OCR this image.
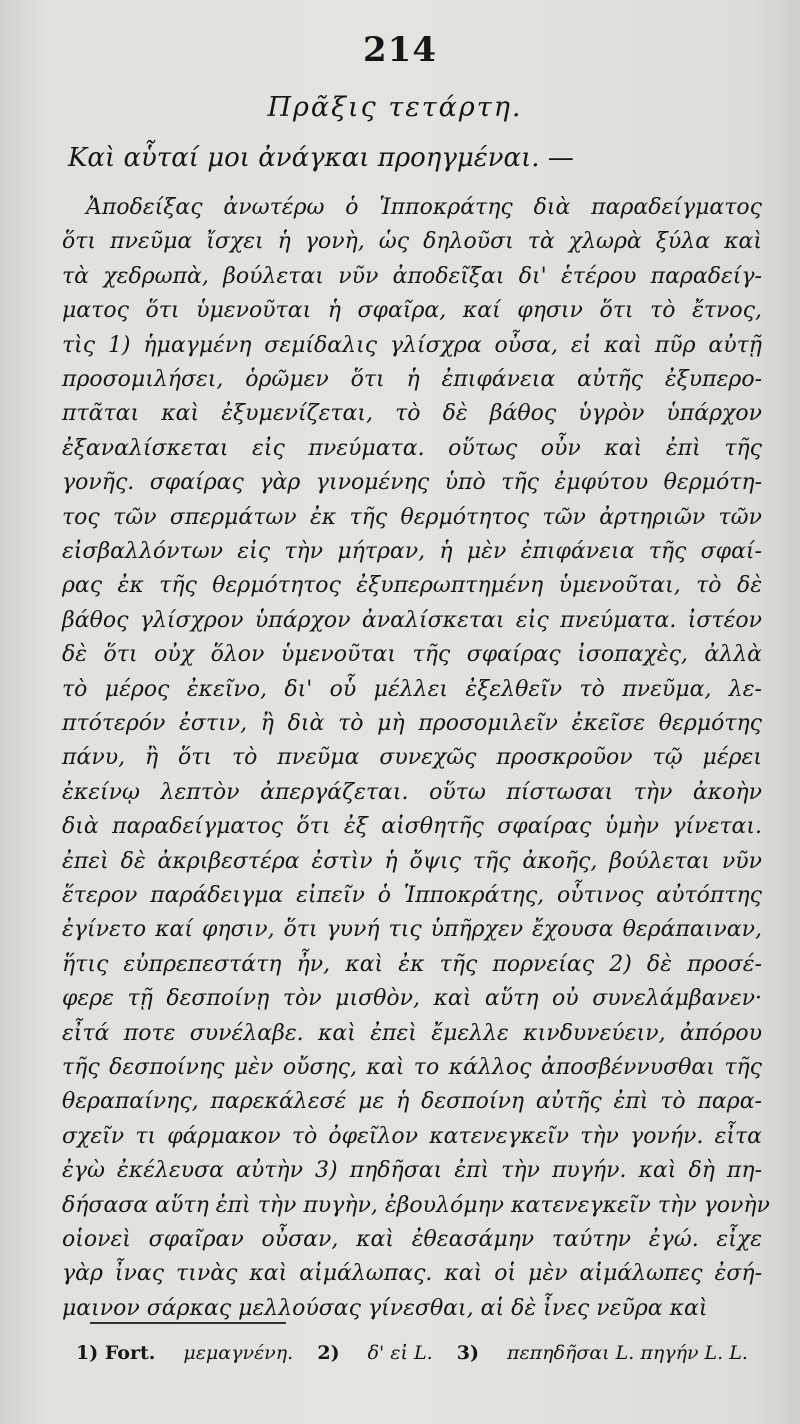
214
Πρᾶξις τετάρτη.
Καὶ αὗταί μοι ἀνάγκαι προηγμέναι. —
Ἀποδείξας ἀνωτέρω ὁ Ἱπποκράτης διὰ παραδείγματος
ὅτι πνεῦμα ἴσχει ἡ γονὴ, ὡς δηλοῦσι τὰ χλωρὰ ξύλα καὶ
τὰ χεδρωπὰ, βούλεται νῦν ἀποδεῖξαι δι' ἑτέρου παραδείγ-
ματος ὅτι ὑμενοῦται ἡ σφαῖρα, καί φησιν ὅτι τὸ ἔτνος,
τὶς 1) ἡμαγμένη σεμίδαλις γλίσχρα οὖσα, εἰ καὶ πῦρ αὐτῇ
προσομιλήσει, ὁρῶμεν ὅτι ἡ ἐπιφάνεια αὐτῆς ἐξυπερο-
πτᾶται καὶ ἐξυμενίζεται, τὸ δὲ βάθος ὑγρὸν ὑπάρχον
ἐξαναλίσκεται εἰς πνεύματα. οὕτως οὖν καὶ ἐπὶ τῆς
γονῆς. σφαίρας γὰρ γινομένης ὑπὸ τῆς ἐμφύτου θερμότη-
τος τῶν σπερμάτων ἐκ τῆς θερμότητος τῶν ἀρτηριῶν τῶν
εἰσβαλλόντων εἰς τὴν μήτραν, ἡ μὲν ἐπιφάνεια τῆς σφαί-
ρας ἐκ τῆς θερμότητος ἐξυπερωπτημένη ὑμενοῦται, τὸ δὲ
βάθος γλίσχρον ὑπάρχον ἀναλίσκεται εἰς πνεύματα. ἰστέον
δὲ ὅτι οὐχ ὅλον ὑμενοῦται τῆς σφαίρας ἰσοπαχὲς, ἀλλὰ
τὸ μέρος ἐκεῖνο, δι' οὗ μέλλει ἐξελθεῖν τὸ πνεῦμα, λε-
πτότερόν ἐστιν, ἢ διὰ τὸ μὴ προσομιλεῖν ἐκεῖσε θερμότης
πάνυ, ἢ ὅτι τὸ πνεῦμα συνεχῶς προσκροῦον τῷ μέρει
ἐκείνῳ λεπτὸν ἀπεργάζεται. οὕτω πίστωσαι τὴν ἀκοὴν
διὰ παραδείγματος ὅτι ἐξ αἰσθητῆς σφαίρας ὑμὴν γίνεται.
ἐπεὶ δὲ ἀκριβεστέρα ἐστὶν ἡ ὄψις τῆς ἀκοῆς, βούλεται νῦν
ἕτερον παράδειγμα εἰπεῖν ὁ Ἱπποκράτης, οὗτινος αὐτόπτης
ἐγίνετο καί φησιν, ὅτι γυνή τις ὑπῆρχεν ἔχουσα θεράπαιναν,
ἥτις εὐπρεπεστάτη ἦν, καὶ ἐκ τῆς πορνείας 2) δὲ προσέ-
φερε τῇ δεσποίνῃ τὸν μισθὸν, καὶ αὕτη οὐ συνελάμβανεν·
εἶτά ποτε συνέλαβε. καὶ ἐπεὶ ἔμελλε κινδυνεύειν, ἀπόρου
τῆς δεσποίνης μὲν οὔσης, καὶ το κάλλος ἀποσβέννυσθαι τῆς
θεραπαίνης, παρεκάλεσέ με ἡ δεσποίνη αὐτῆς ἐπὶ τὸ παρα-
σχεῖν τι φάρμακον τὸ ὀφεῖλον κατενεγκεῖν τὴν γονήν. εἶτα
ἐγὼ ἐκέλευσα αὐτὴν 3) πηδῆσαι ἐπὶ τὴν πυγήν. καὶ δὴ πη-
δήσασα αὕτη ἐπὶ τὴν πυγὴν, ἐβουλόμην κατενεγκεῖν τὴν γονὴν
οἱονεὶ σφαῖραν οὖσαν, καὶ ἐθεασάμην ταύτην ἐγώ. εἶχε
γὰρ ἶνας τινὰς καὶ αἱμάλωπας. καὶ οἱ μὲν αἱμάλωπες ἐσή-
μαινον σάρκας μελλούσας γίνεσθαι, αἱ δὲ ἶνες νεῦρα καὶ
1) Fort. μεμαγνένη. 2) δ' εἰ L. 3) πεπηδῆσαι L. πηγήν L. L.
